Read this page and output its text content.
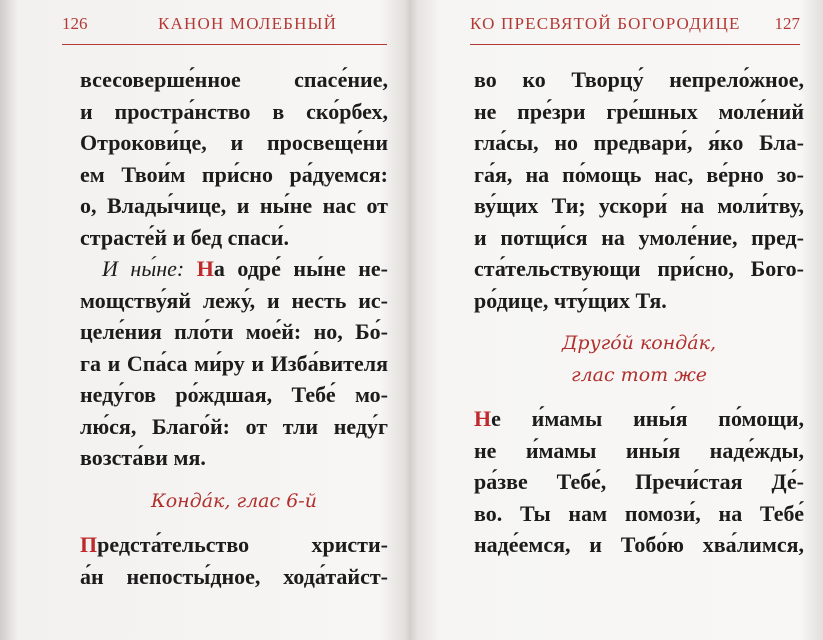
126	КАНОН МОЛЕБНЫЙ
всесоверше́нное спасе́ние,
и простра́нство в ско́рбех,
Отрокови́це, и просвеще́ни
ем Твои́м при́сно ра́дуемся:
о, Влады́чице, и ны́не нас от
страсте́й и бед спаси́.
И ны́не: На одре́ ны́не не-
мощству́яй лежу́, и несть ис-
целе́ния пло́ти мое́й: но, Бо́-
га и Спа́са ми́ру и Изба́вителя
неду́гов ро́ждшая, Тебе́ мо-
лю́ся, Благо́й: от тли неду́г
возста́ви мя.
Конда́к, глас 6-й
Предста́тельство христи-
а́н непосты́дное, хода́тайст-
КО ПРЕСВЯТОЙ БОГОРОДИЦЕ 127
во ко Творцу́ непрело́жное,
не пре́зри гре́шных моле́ний
гла́сы, но предвари́, я́ко Бла-
га́я, на по́мощь нас, ве́рно зо-
ву́щих Ти; ускори́ на моли́тву,
и потщи́ся на умоле́ние, пред-
ста́тельствующи при́сно, Бого-
ро́дице, чту́щих Тя.
Друго́й конда́к,
глас тот же
Не и́мамы ины́я по́мощи,
не и́мамы ины́я наде́жды,
ра́зве Тебе́, Пречи́стая Де́-
во. Ты нам помози́, на Тебе́
наде́емся, и Тобо́ю хва́лимся,
